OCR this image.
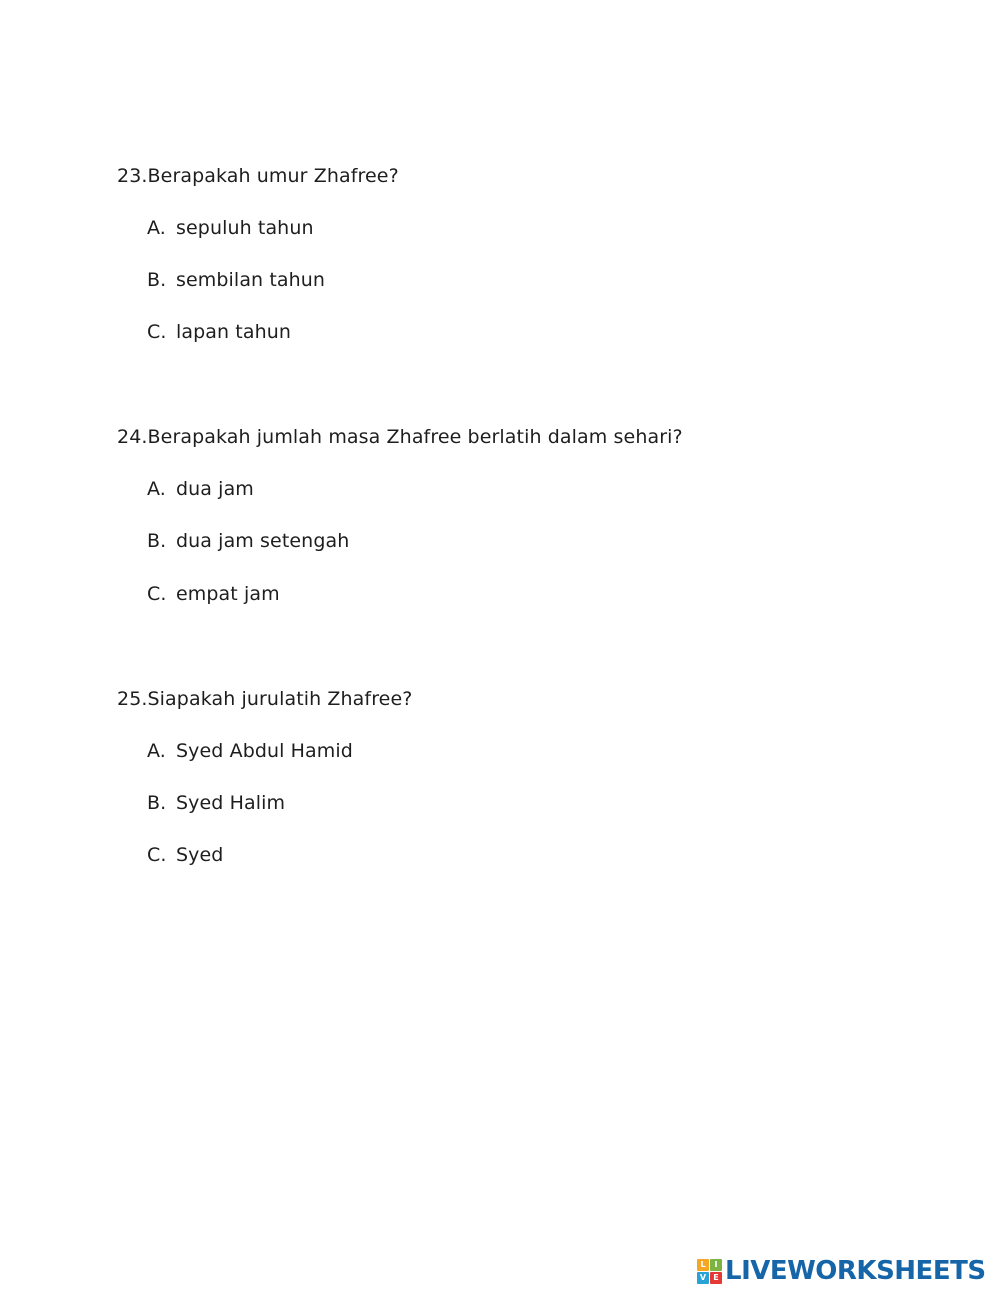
23.Berapakah umur Zhafree?
A. sepuluh tahun
B. sembilan tahun
C. lapan tahun
24.Berapakah jumlah masa Zhafree berlatih dalam sehari?
A. dua jam
B. dua jam setengah
C. empat jam
25.Siapakah jurulatih Zhafree?
A. Syed Abdul Hamid
B. Syed Halim
C. Syed
L	I
V E LIVEWORKSHEETS
